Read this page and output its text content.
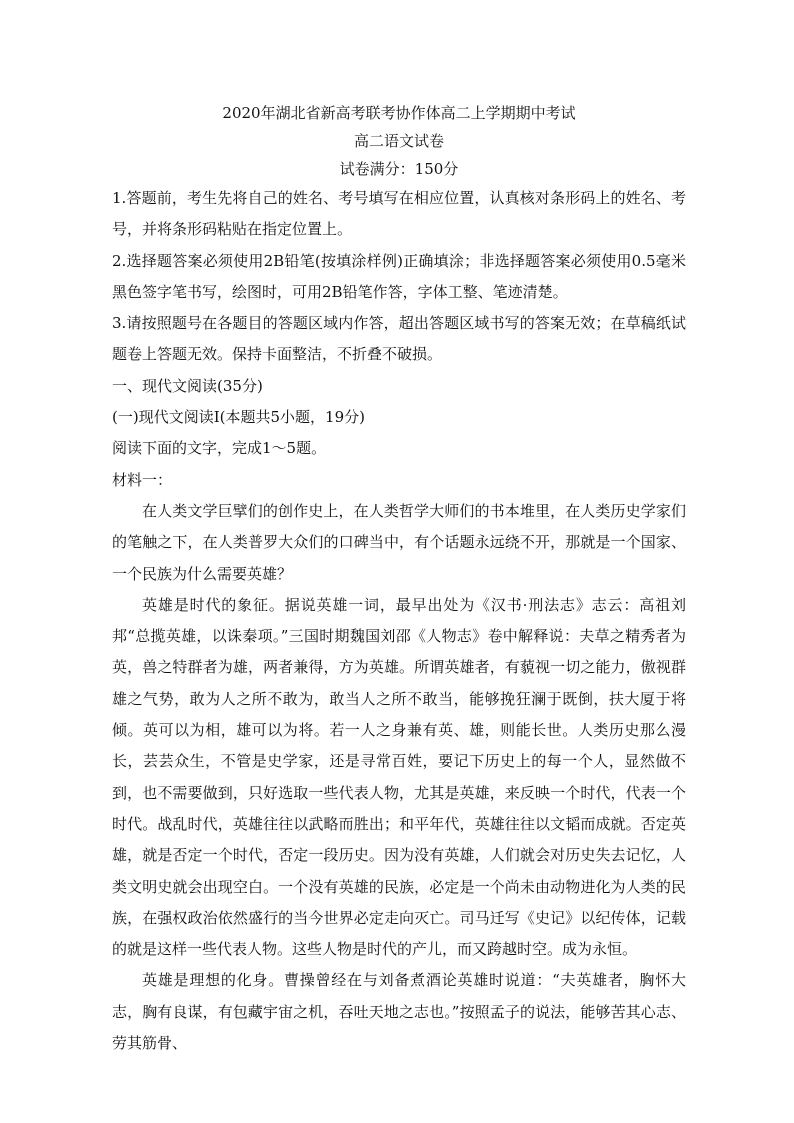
2020年湖北省新高考联考协作体高二上学期期中考试
高二语文试卷
试卷满分：150分

1.答题前，考生先将自己的姓名、考号填写在相应位置，认真核对条形码上的姓名、考号，并将条形码粘贴在指定位置上。

2.选择题答案必须使用2B铅笔(按填涂样例)正确填涂；非选择题答案必须使用0.5毫米黑色签字笔书写，绘图时，可用2B铅笔作答，字体工整、笔迹清楚。

3.请按照题号在各题目的答题区域内作答，超出答题区域书写的答案无效；在草稿纸试题卷上答题无效。保持卡面整洁，不折叠不破损。

一、现代文阅读(35分)

(一)现代文阅读I(本题共5小题，19分)

阅读下面的文字，完成1～5题。

材料一：

在人类文学巨擘们的创作史上，在人类哲学大师们的书本堆里，在人类历史学家们的笔触之下，在人类普罗大众们的口碑当中，有个话题永远绕不开，那就是一个国家、一个民族为什么需要英雄？

英雄是时代的象征。据说英雄一词，最早出处为《汉书·刑法志》志云：高祖刘邦“总揽英雄，以诛秦项。”三国时期魏国刘邵《人物志》卷中解释说：夫草之精秀者为英，兽之特群者为雄，两者兼得，方为英雄。所谓英雄者，有藐视一切之能力，傲视群雄之气势，敢为人之所不敢为，敢当人之所不敢当，能够挽狂澜于既倒，扶大厦于将倾。英可以为相，雄可以为将。若一人之身兼有英、雄，则能长世。人类历史那么漫长，芸芸众生，不管是史学家，还是寻常百姓，要记下历史上的每一个人，显然做不到，也不需要做到，只好选取一些代表人物，尤其是英雄，来反映一个时代，代表一个时代。战乱时代，英雄往往以武略而胜出；和平年代，英雄往往以文韬而成就。否定英雄，就是否定一个时代，否定一段历史。因为没有英雄，人们就会对历史失去记忆，人类文明史就会出现空白。一个没有英雄的民族，必定是一个尚未由动物进化为人类的民族，在强权政治依然盛行的当今世界必定走向灭亡。司马迁写《史记》以纪传体，记载的就是这样一些代表人物。这些人物是时代的产儿，而又跨越时空。成为永恒。

英雄是理想的化身。曹操曾经在与刘备煮酒论英雄时说道：“夫英雄者，胸怀大志，胸有良谋，有包藏宇宙之机，吞吐天地之志也。”按照孟子的说法，能够苦其心志、劳其筋骨、
